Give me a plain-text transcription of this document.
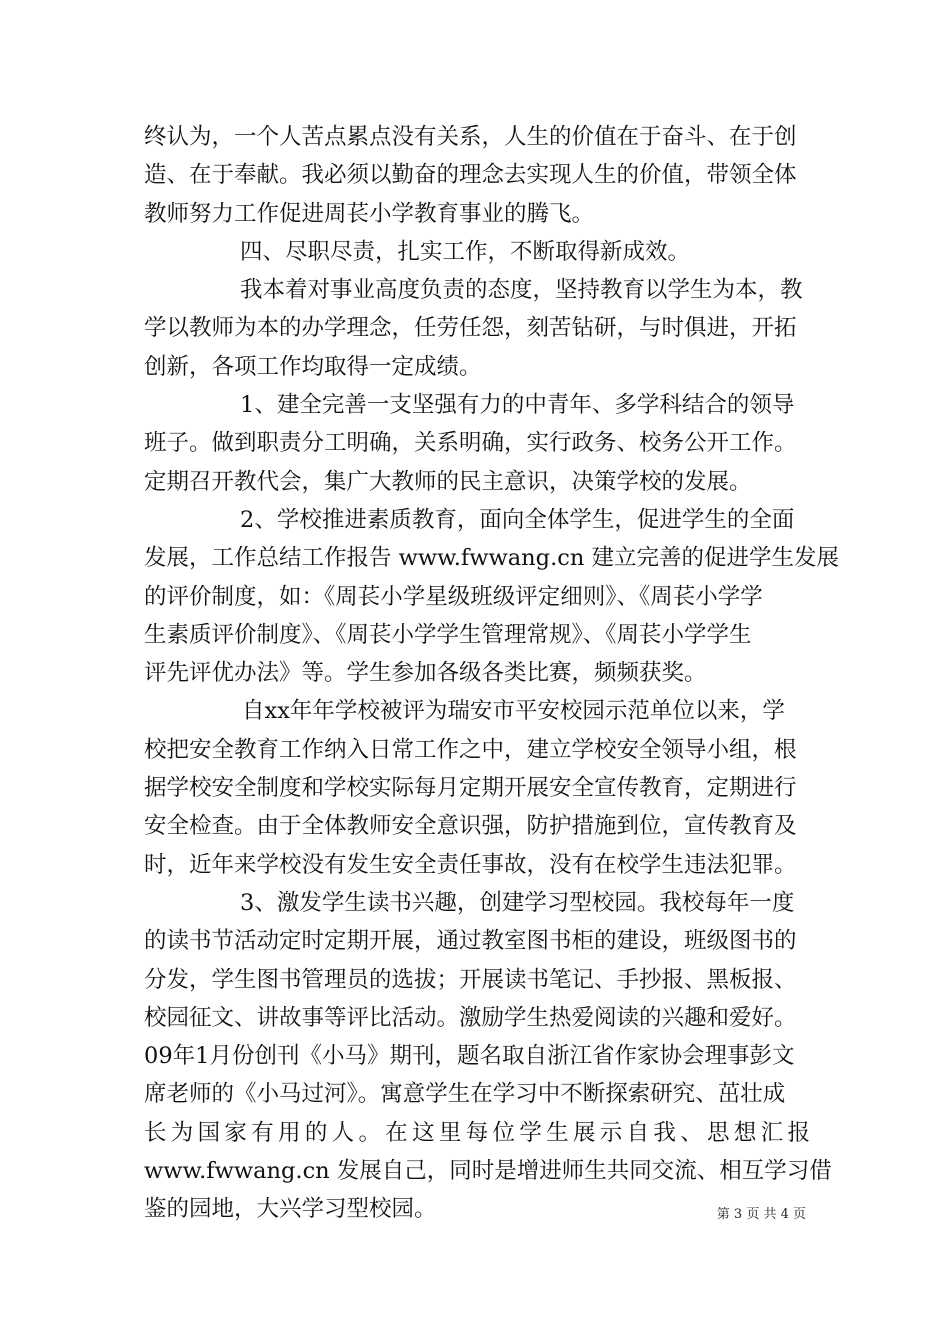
终认为，一个人苦点累点没有关系，人生的价值在于奋斗、在于创
造、在于奉献。我必须以勤奋的理念去实现人生的价值，带领全体
教师努力工作促进周苌小学教育事业的腾飞。
四、尽职尽责，扎实工作，不断取得新成效。
我本着对事业高度负责的态度，坚持教育以学生为本，教
学以教师为本的办学理念，任劳任怨，刻苦钻研，与时俱进，开拓
创新，各项工作均取得一定成绩。
1、建全完善一支坚强有力的中青年、多学科结合的领导
班子。做到职责分工明确，关系明确，实行政务、校务公开工作。
定期召开教代会，集广大教师的民主意识，决策学校的发展。
2、学校推进素质教育，面向全体学生，促进学生的全面
发展，工作总结工作报告 www.fwwang.cn 建立完善的促进学生发展
的评价制度，如：《周苌小学星级班级评定细则》、《周苌小学学
生素质评价制度》、《周苌小学学生管理常规》、《周苌小学学生
评先评优办法》等。学生参加各级各类比赛，频频获奖。
自xx年年学校被评为瑞安市平安校园示范单位以来，学
校把安全教育工作纳入日常工作之中，建立学校安全领导小组，根
据学校安全制度和学校实际每月定期开展安全宣传教育，定期进行
安全检查。由于全体教师安全意识强，防护措施到位，宣传教育及
时，近年来学校没有发生安全责任事故，没有在校学生违法犯罪。
3、激发学生读书兴趣，创建学习型校园。我校每年一度
的读书节活动定时定期开展，通过教室图书柜的建设，班级图书的
分发，学生图书管理员的选拔；开展读书笔记、手抄报、黑板报、
校园征文、讲故事等评比活动。激励学生热爱阅读的兴趣和爱好。
09年1月份创刊《小马》期刊，题名取自浙江省作家协会理事彭文
席老师的《小马过河》。寓意学生在学习中不断探索研究、茁壮成
长为国家有用的人。在这里每位学生展示自我、思想汇报
www.fwwang.cn 发展自己，同时是增进师生共同交流、相互学习借
鉴的园地，大兴学习型校园。	第 3 页 共 4 页
